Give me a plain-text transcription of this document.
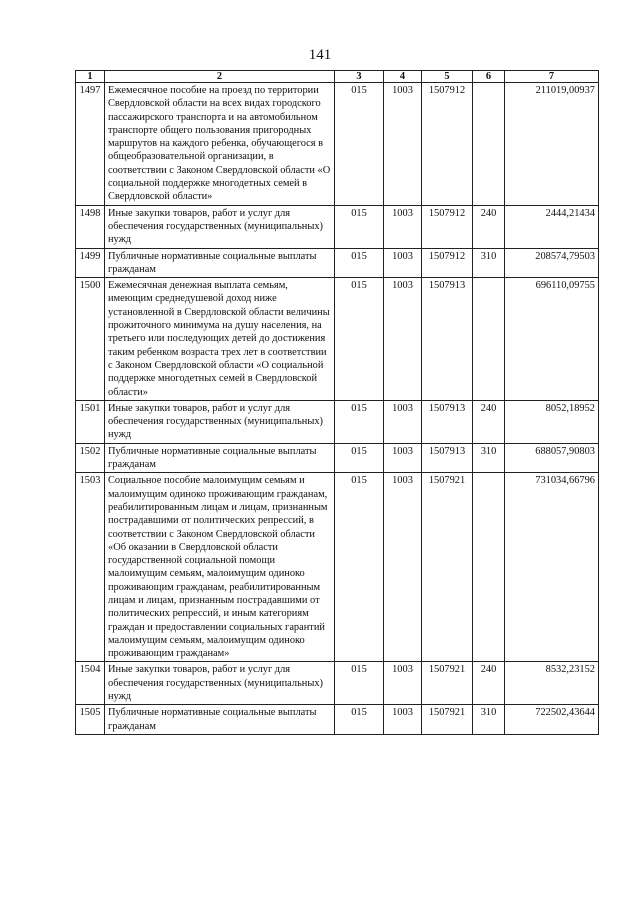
141
1	2	3	4	5	6	7
1497	Ежемесячное пособие на проезд по территории Свердловской области на всех видах городского пассажирского транспорта и на автомобильном транспорте общего пользования пригородных маршрутов на каждого ребенка, обучающегося в общеобразовательной организации, в соответствии с Законом Свердловской области «О социальной поддержке многодетных семей в Свердловской области»	015	1003	1507912		211019,00937
1498	Иные закупки товаров, работ и услуг для обеспечения государственных (муниципальных) нужд	015	1003	1507912	240	2444,21434
1499	Публичные нормативные социальные выплаты гражданам	015	1003	1507912	310	208574,79503
1500	Ежемесячная денежная выплата семьям, имеющим среднедушевой доход ниже установленной в Свердловской области величины прожиточного минимума на душу населения, на третьего или последующих детей до достижения таким ребенком возраста трех лет в соответствии с Законом Свердловской области «О социальной поддержке многодетных семей в Свердловской области»	015	1003	1507913		696110,09755
1501	Иные закупки товаров, работ и услуг для обеспечения государственных (муниципальных) нужд	015	1003	1507913	240	8052,18952
1502	Публичные нормативные социальные выплаты гражданам	015	1003	1507913	310	688057,90803
1503	Социальное пособие малоимущим семьям и малоимущим одиноко проживающим гражданам, реабилитированным лицам и лицам, признанным пострадавшими от политических репрессий, в соответствии с Законом Свердловской области «Об оказании в Свердловской области государственной социальной помощи малоимущим семьям, малоимущим одиноко проживающим гражданам, реабилитированным лицам и лицам, признанным пострадавшими от политических репрессий, и иным категориям граждан и предоставлении социальных гарантий малоимущим семьям, малоимущим одиноко проживающим гражданам»	015	1003	1507921		731034,66796
1504	Иные закупки товаров, работ и услуг для обеспечения государственных (муниципальных) нужд	015	1003	1507921	240	8532,23152
1505	Публичные нормативные социальные выплаты гражданам	015	1003	1507921	310	722502,43644
